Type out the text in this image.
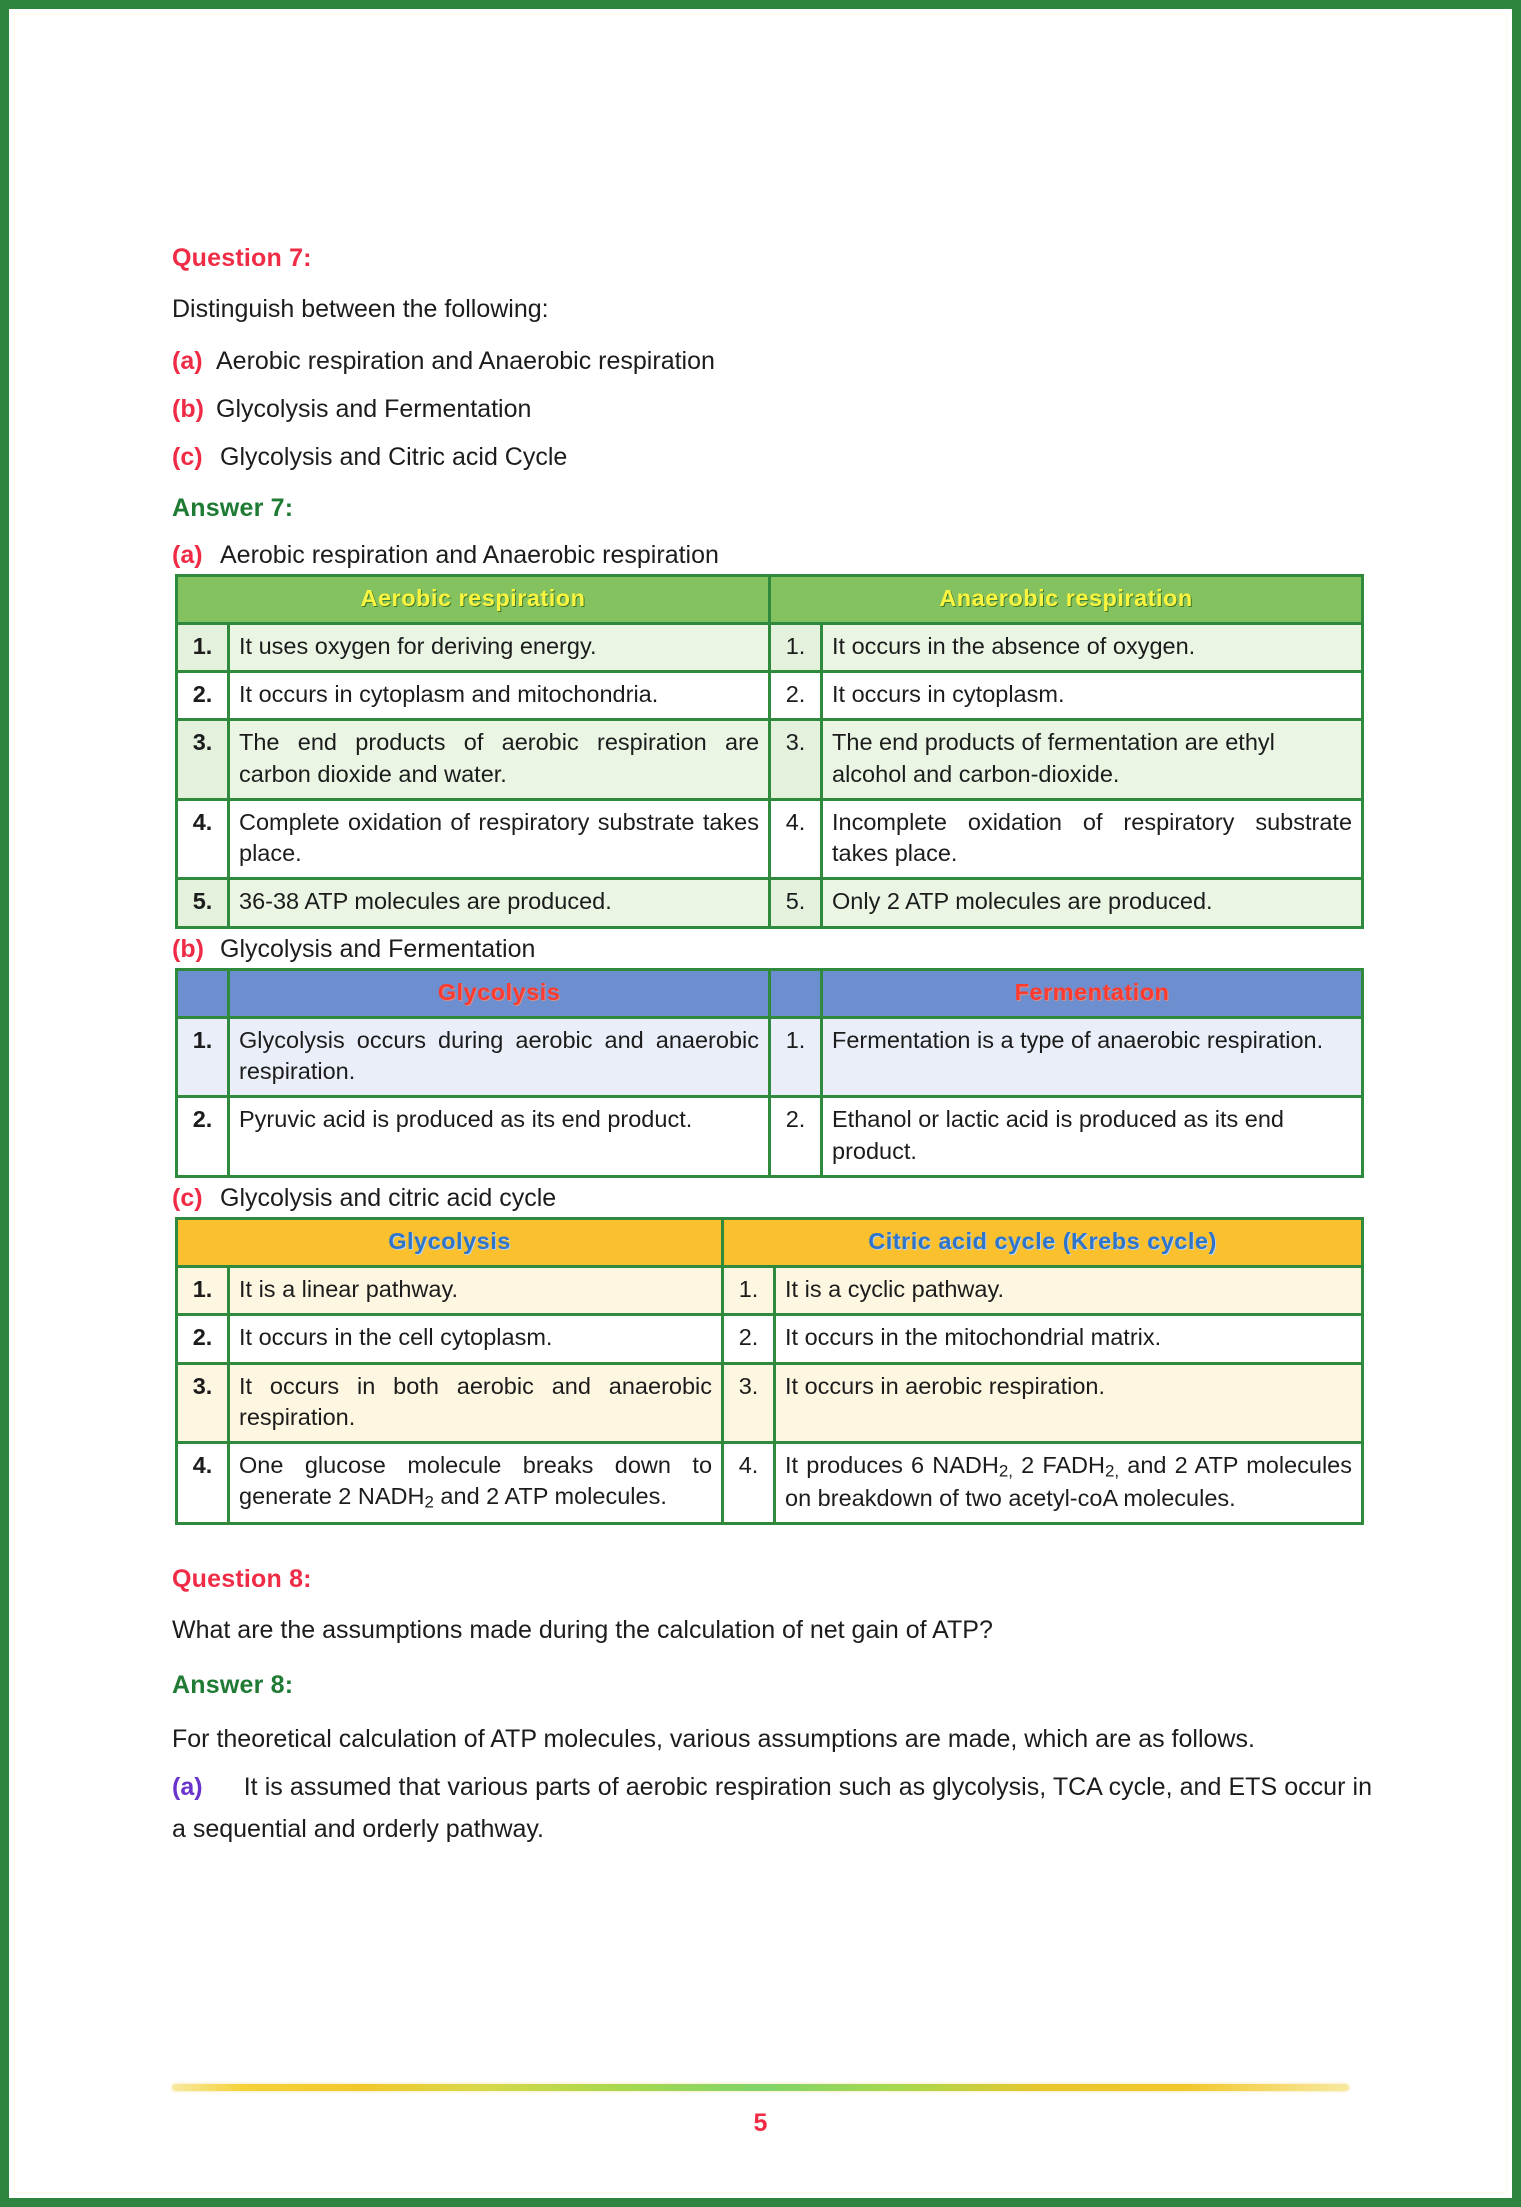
Question 7:
Distinguish between the following:
(a) Aerobic respiration and Anaerobic respiration
(b) Glycolysis and Fermentation
(c) Glycolysis and Citric acid Cycle
Answer 7:
(a) Aerobic respiration and Anaerobic respiration
Aerobic respiration		Anaerobic respiration	
1.	It uses oxygen for deriving energy.	1.	It occurs in the absence of oxygen.
2.	It occurs in cytoplasm and mitochondria.	2.	It occurs in cytoplasm.
3.	The end products of aerobic respiration are carbon dioxide and water.	3.	The end products of fermentation are ethyl alcohol and carbon-dioxide.
4.	Complete oxidation of respiratory substrate takes place.	4.	Incomplete oxidation of respiratory substrate takes place.
5.	36-38 ATP molecules are produced.	5.	Only 2 ATP molecules are produced.
(b) Glycolysis and Fermentation
	Glycolysis		Fermentation
1.	Glycolysis occurs during aerobic and anaerobic respiration.	1.	Fermentation is a type of anaerobic respiration.
2.	Pyruvic acid is produced as its end product.	2.	Ethanol or lactic acid is produced as its end product.
(c) Glycolysis and citric acid cycle
Glycolysis		Citric acid cycle (Krebs cycle)	
1.	It is a linear pathway.	1.	It is a cyclic pathway.
2.	It occurs in the cell cytoplasm.	2.	It occurs in the mitochondrial matrix.
3.	It occurs in both aerobic and anaerobic respiration.	3.	It occurs in aerobic respiration.
4.	One glucose molecule breaks down to generate 2 $NADH_2$ and 2 ATP molecules.	4.	It produces 6 $NADH_{2,}$ 2 $FADH_{2,}$ and 2 ATP molecules on breakdown of two acetyl-coA molecules.
Question 8:
What are the assumptions made during the calculation of net gain of ATP?
Answer 8:
For theoretical calculation of ATP molecules, various assumptions are made, which are as follows.
(a) It is assumed that various parts of aerobic respiration such as glycolysis, TCA cycle, and ETS occur in a sequential and orderly pathway.
5
